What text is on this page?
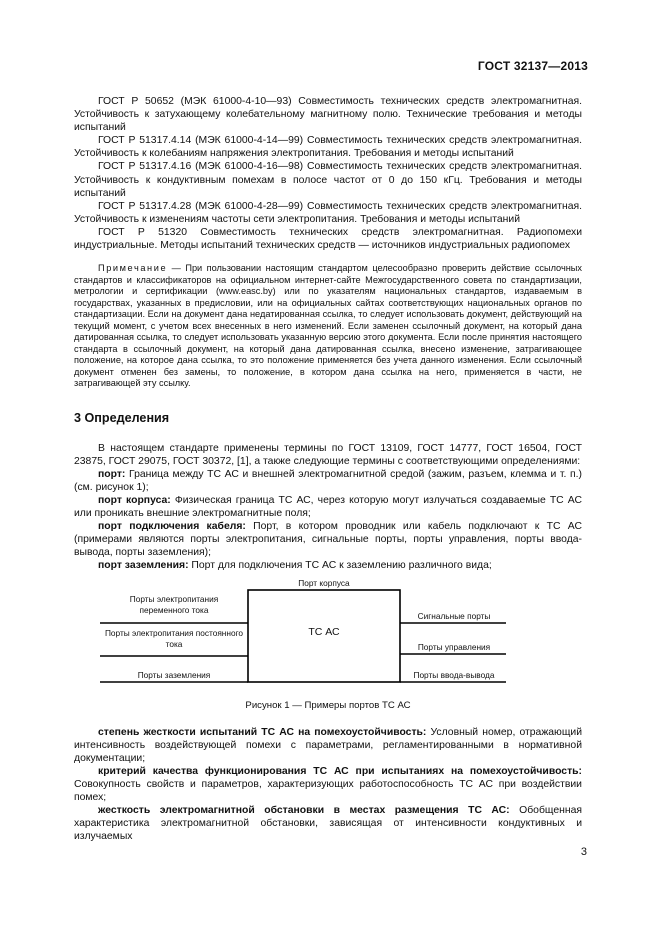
ГОСТ 32137—2013

ГОСТ Р 50652 (МЭК 61000-4-10—93) Совместимость технических средств электромагнитная. Устойчивость к затухающему колебательному магнитному полю. Технические требования и методы испытаний

ГОСТ Р 51317.4.14 (МЭК 61000-4-14—99) Совместимость технических средств электромагнитная. Устойчивость к колебаниям напряжения электропитания. Требования и методы испытаний

ГОСТ Р 51317.4.16 (МЭК 61000-4-16—98) Совместимость технических средств электромагнитная. Устойчивость к кондуктивным помехам в полосе частот от 0 до 150 кГц. Требования и методы испытаний

ГОСТ Р 51317.4.28 (МЭК 61000-4-28—99) Совместимость технических средств электромагнитная. Устойчивость к изменениям частоты сети электропитания. Требования и методы испытаний

ГОСТ Р 51320 Совместимость технических средств электромагнитная. Радиопомехи индустриальные. Методы испытаний технических средств — источников индустриальных радиопомех

Примечание — При пользовании настоящим стандартом целесообразно проверить действие ссылочных стандартов и классификаторов на официальном интернет-сайте Межгосударственного совета по стандартизации, метрологии и сертификации (www.easc.by) или по указателям национальных стандартов, издаваемым в государствах, указанных в предисловии, или на официальных сайтах соответствующих национальных органов по стандартизации. Если на документ дана недатированная ссылка, то следует использовать документ, действующий на текущий момент, с учетом всех внесенных в него изменений. Если заменен ссылочный документ, на который дана датированная ссылка, то следует использовать указанную версию этого документа. Если после принятия настоящего стандарта в ссылочный документ, на который дана датированная ссылка, внесено изменение, затрагивающее положение, на которое дана ссылка, то это положение применяется без учета данного изменения. Если ссылочный документ отменен без замены, то положение, в котором дана ссылка на него, применяется в части, не затрагивающей эту ссылку.

3 Определения

В настоящем стандарте применены термины по ГОСТ 13109, ГОСТ 14777, ГОСТ 16504, ГОСТ 23875, ГОСТ 29075, ГОСТ 30372, [1], а также следующие термины с соответствующими определениями:

порт: Граница между ТС АС и внешней электромагнитной средой (зажим, разъем, клемма и т. п.) (см. рисунок 1);

порт корпуса: Физическая граница ТС АС, через которую могут излучаться создаваемые ТС АС или проникать внешние электромагнитные поля;

порт подключения кабеля: Порт, в котором проводник или кабель подключают к ТС АС (примерами являются порты электропитания, сигнальные порты, порты управления, порты ввода-вывода, порты заземления);

порт заземления: Порт для подключения ТС АС к заземлению различного вида;

Порт корпуса
ТС АС
Порты электропитания переменного тока
Порты электропитания постоянного тока
Порты заземления
Сигнальные порты
Порты управления
Порты ввода-вывода

Рисунок 1 — Примеры портов ТС АС

степень жесткости испытаний ТС АС на помехоустойчивость: Условный номер, отражающий интенсивность воздействующей помехи с параметрами, регламентированными в нормативной документации;

критерий качества функционирования ТС АС при испытаниях на помехоустойчивость: Совокупность свойств и параметров, характеризующих работоспособность ТС АС при воздействии помех;

жесткость электромагнитной обстановки в местах размещения ТС АС: Обобщенная характеристика электромагнитной обстановки, зависящая от интенсивности кондуктивных и излучаемых

3
